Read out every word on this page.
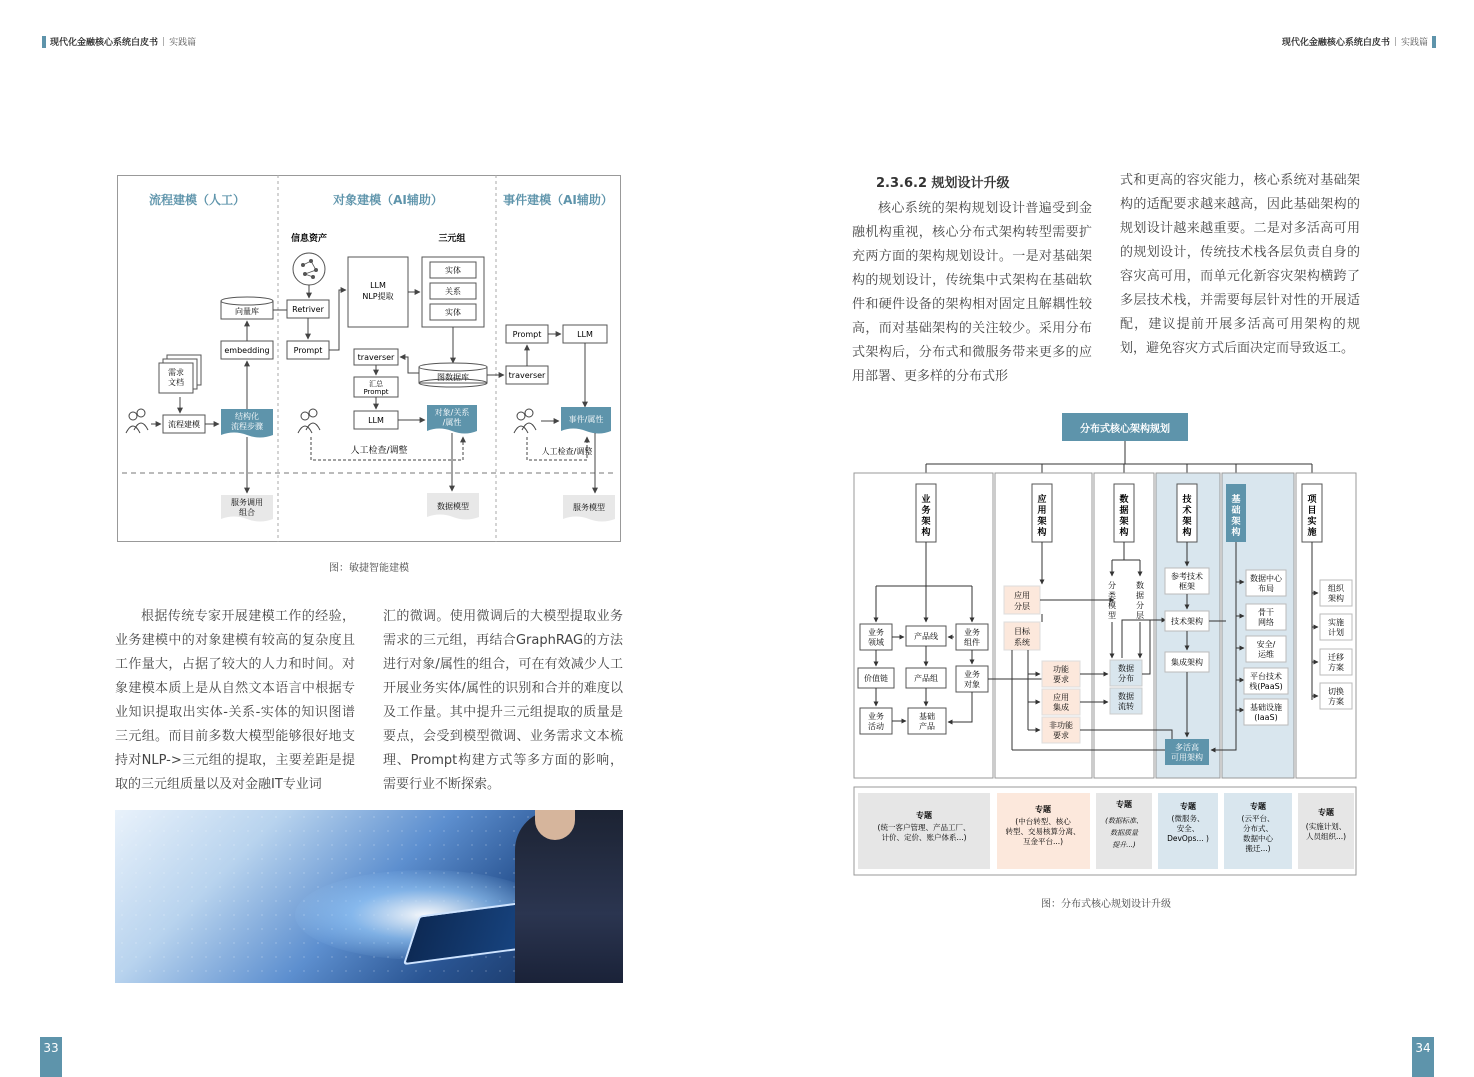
现代化金融核心系统白皮书 | 实践篇	现代化金融核心系统白皮书 | 实践篇
流程建模（人工）	对象建模（AI辅助）	事件建模（AI辅助）
向量库
embedding
需求
文档
流程建模
结构化
流程步骤
服务调用
组合
信息资产	三元组
Retriver
Prompt
LLM
NLP提取
实体
关系
实体
图数据库
traverser
汇总
Prompt
LLM
对象/关系
/属性
人工检查/调整
数据模型
Prompt	LLM
traverser
事件/属性
人工检查/调整
服务模型
图：敏捷智能建模

根据传统专家开展建模工作的经验，业务建模中的对象建模有较高的复杂度且工作量大，占据了较大的人力和时间。对象建模本质上是从自然文本语言中根据专业知识提取出实体-关系-实体的知识图谱三元组。而目前多数大模型能够很好地支持对NLP->三元组的提取，主要差距是提取的三元组质量以及对金融IT专业词

汇的微调。使用微调后的大模型提取业务需求的三元组，再结合GraphRAG的方法进行对象/属性的组合，可在有效减少人工开展业务实体/属性的识别和合并的难度以及工作量。其中提升三元组提取的质量是要点，会受到模型微调、业务需求文本梳理、Prompt构建方式等多方面的影响，需要行业不断探索。

2.3.6.2 规划设计升级

核心系统的架构规划设计普遍受到金融机构重视，核心分布式架构转型需要扩充两方面的架构规划设计。一是对基础架构的规划设计，传统集中式架构在基础软件和硬件设备的架构相对固定且解耦性较高，而对基础架构的关注较少。采用分布式架构后，分布式和微服务带来更多的应用部署、更多样的分布式形

式和更高的容灾能力，核心系统对基础架构的适配要求越来越高，因此基础架构的规划设计越来越重要。二是对多活高可用的规划设计，传统技术栈各层负责自身的容灾高可用，而单元化新容灾架构横跨了多层技术栈，并需要每层针对性的开展适配，建议提前开展多活高可用架构的规划，避免容灾方式后面决定而导致返工。

分布式核心架构规划
业
务
架
构
应
用
架
构
数
据
架
构
技
术
架
构
基
础
架
构
项
目
实
施
业务
领域
产品线	业务
组件
价值链	产品组	业务
对象
业务
活动
基础
产品
应用
分层
目标
系统
功能
要求
应用
集成
非功能
要求
分
类
模
型
数
据
分
层
数据
分布
数据
流转
参考技术
框架
技术架构
集成架构
多活高
可用架构
数据中心
布局
骨干
网络
安全/
运维
平台技术
栈(PaaS)
基础设施
(IaaS)
组织
架构
实施
计划
迁移
方案
切换
方案
专题
(统一客户管理、产品工厂、
计价、定价、账户体系...)
专题
(中台转型、核心
转型、交易核算分离、
互金平台...)
专题
(数据标准、
数据质量
提升...)
专题
(微服务、
安全、
DevOps... )
专题
(云平台、
分布式、
数据中心
搬迁...)
专题
(实施计划、
人员组织...)
图：分布式核心规划设计升级
33	34
